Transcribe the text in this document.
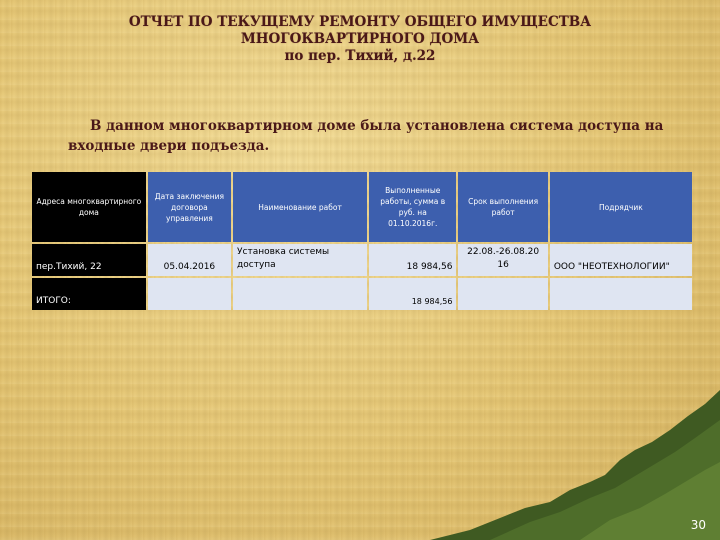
ОТЧЕТ ПО ТЕКУЩЕМУ РЕМОНТУ ОБЩЕГО ИМУЩЕСТВА
МНОГОКВАРТИРНОГО ДОМА
по пер. Тихий, д.22
В данном многоквартирном доме была установлена система доступа на входные двери подъезда.
Адреса многоквартирного дома	Дата заключения договора управления	Наименование работ	Выполненные работы, сумма в руб. на 01.10.2016г.	Срок выполнения работ	Подрядчик
пер.Тихий, 22	05.04.2016	Установка системы доступа	18 984,56	22.08.-26.08.20 16	ООО "НЕОТЕХНОЛОГИИ"
ИТОГО:			18 984,56		
30
